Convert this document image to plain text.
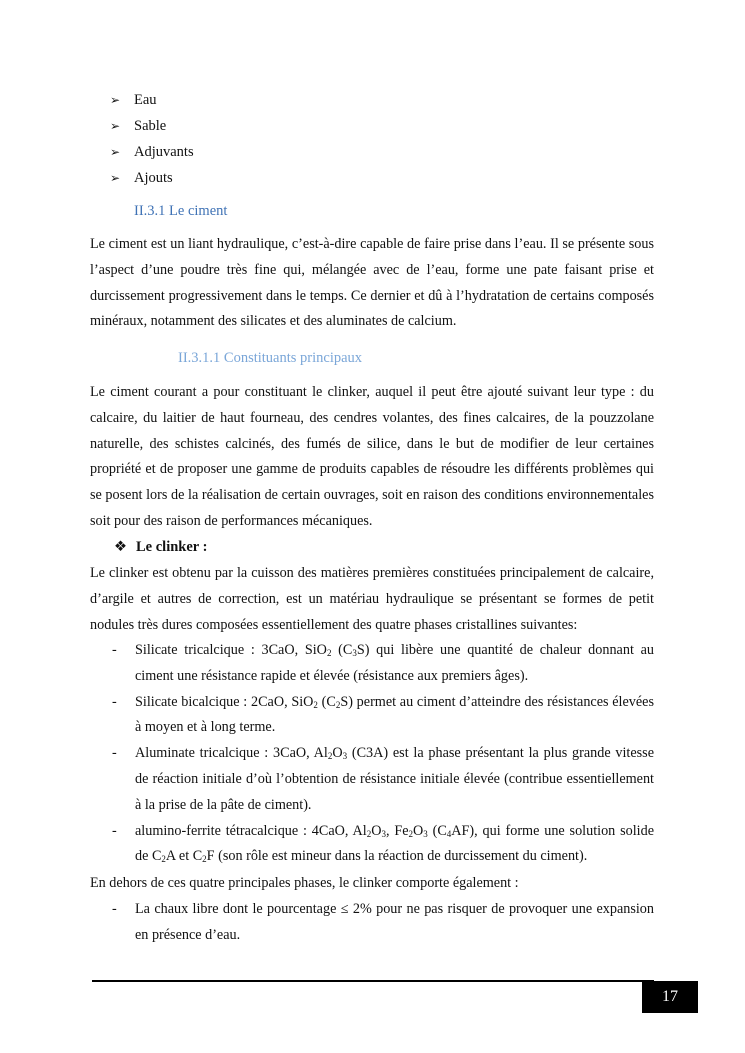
➢ Eau
➢ Sable
➢ Adjuvants
➢ Ajouts
II.3.1 Le ciment

Le ciment est un liant hydraulique, c’est-à-dire capable de faire prise dans l’eau. Il se présente sous l’aspect d’une poudre très fine qui, mélangée avec de l’eau, forme une pate faisant prise et durcissement progressivement dans le temps. Ce dernier et dû à l’hydratation de certains composés minéraux, notamment des silicates et des aluminates de calcium.

II.3.1.1 Constituants principaux

Le ciment courant a pour constituant le clinker, auquel il peut être ajouté suivant leur type : du calcaire, du laitier de haut fourneau, des cendres volantes, des fines calcaires, de la pouzzolane naturelle, des schistes calcinés, des fumés de silice, dans le but de modifier de leur certaines propriété et de proposer une gamme de produits capables de résoudre les différents problèmes qui se posent lors de la réalisation de certain ouvrages, soit en raison des conditions environnementales soit pour des raison de performances mécaniques.

❖ Le clinker :

Le clinker est obtenu par la cuisson des matières premières constituées principalement de calcaire, d’argile et autres de correction, est un matériau hydraulique se présentant se formes de petit nodules très dures composées essentiellement des quatre phases cristallines suivantes:

- Silicate tricalcique : 3CaO, SiO$_2$ $(C_3S)$ qui libère une quantité de chaleur donnant au ciment une résistance rapide et élevée (résistance aux premiers âges).
- Silicate bicalcique : 2CaO, SiO$_2$ $(C_2S)$ permet au ciment d’atteindre des résistances élevées à moyen et à long terme.
- Aluminate tricalcique : 3CaO, $Al_2O_3$ (C3A) est la phase présentant la plus grande vitesse de réaction initiale d’où l’obtention de résistance initiale élevée (contribue essentiellement à la prise de la pâte de ciment).
- alumino-ferrite tétracalcique : 4CaO, $Al_2O_3$, $Fe_2O_3$ $(C_4AF)$, qui forme une solution solide de $C_2A$ et $C_2F$ (son rôle est mineur dans la réaction de durcissement du ciment).

En dehors de ces quatre principales phases, le clinker comporte également :

- La chaux libre dont le pourcentage ≤ 2% pour ne pas risquer de provoquer une expansion en présence d’eau.
17
